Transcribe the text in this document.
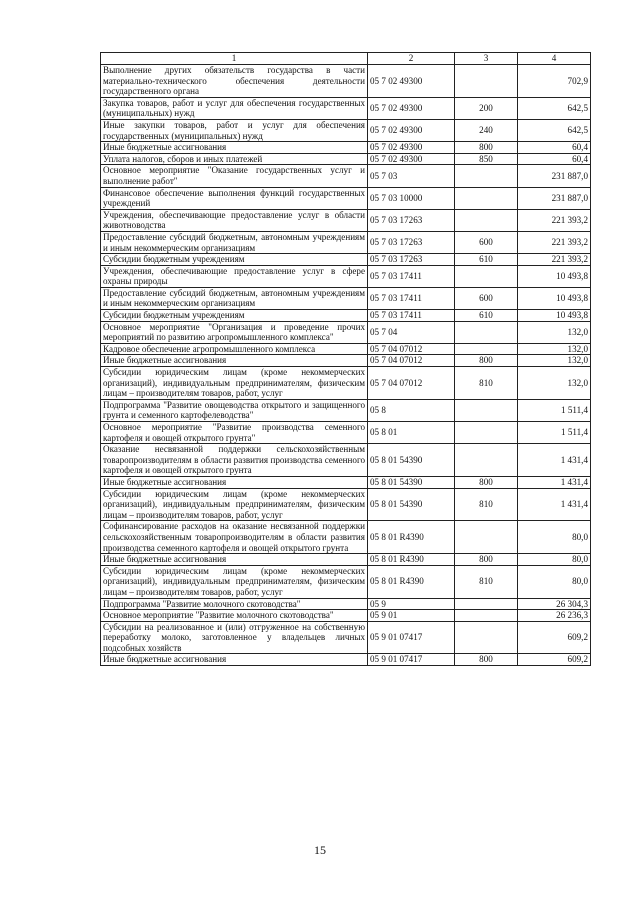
1	2	3	4
Выполнение других обязательств государства в части материально-технического обеспечения деятельности государственного органа	05 7 02 49300		702,9
Закупка товаров, работ и услуг для обеспечения государственных (муниципальных) нужд	05 7 02 49300	200	642,5
Иные закупки товаров, работ и услуг для обеспечения государственных (муниципальных) нужд	05 7 02 49300	240	642,5
Иные бюджетные ассигнования	05 7 02 49300	800	60,4
Уплата налогов, сборов и иных платежей	05 7 02 49300	850	60,4
Основное мероприятие "Оказание государственных услуг и выполнение работ"	05 7 03		231 887,0
Финансовое обеспечение выполнения функций государственных учреждений	05 7 03 10000		231 887,0
Учреждения, обеспечивающие предоставление услуг в области животноводства	05 7 03 17263		221 393,2
Предоставление субсидий бюджетным, автономным учреждениям и иным некоммерческим организациям	05 7 03 17263	600	221 393,2
Субсидии бюджетным учреждениям	05 7 03 17263	610	221 393,2
Учреждения, обеспечивающие предоставление услуг в сфере охраны природы	05 7 03 17411		10 493,8
Предоставление субсидий бюджетным, автономным учреждениям и иным некоммерческим организациям	05 7 03 17411	600	10 493,8
Субсидии бюджетным учреждениям	05 7 03 17411	610	10 493,8
Основное мероприятие "Организация и проведение прочих мероприятий по развитию агропромышленного комплекса"	05 7 04		132,0
Кадровое обеспечение агропромышленного комплекса	05 7 04 07012		132,0
Иные бюджетные ассигнования	05 7 04 07012	800	132,0
Субсидии юридическим лицам (кроме некоммерческих организаций), индивидуальным предпринимателям, физическим лицам – производителям товаров, работ, услуг	05 7 04 07012	810	132,0
Подпрограмма "Развитие овощеводства открытого и защищенного грунта и семенного картофелеводства"	05 8		1 511,4
Основное мероприятие "Развитие производства семенного картофеля и овощей открытого грунта"	05 8 01		1 511,4
Оказание несвязанной поддержки сельскохозяйственным товаропроизводителям в области развития производства семенного картофеля и овощей открытого грунта	05 8 01 54390		1 431,4
Иные бюджетные ассигнования	05 8 01 54390	800	1 431,4
Субсидии юридическим лицам (кроме некоммерческих организаций), индивидуальным предпринимателям, физическим лицам – производителям товаров, работ, услуг	05 8 01 54390	810	1 431,4
Софинансирование расходов на оказание несвязанной поддержки сельскохозяйственным товаропроизводителям в области развития производства семенного картофеля и овощей открытого грунта	05 8 01 R4390		80,0
Иные бюджетные ассигнования	05 8 01 R4390	800	80,0
Субсидии юридическим лицам (кроме некоммерческих организаций), индивидуальным предпринимателям, физическим лицам – производителям товаров, работ, услуг	05 8 01 R4390	810	80,0
Подпрограмма "Развитие молочного скотоводства"	05 9		26 304,3
Основное мероприятие "Развитие молочного скотоводства"	05 9 01		26 236,3
Субсидии на реализованное и (или) отгруженное на собственную переработку молоко, заготовленное у владельцев личных подсобных хозяйств	05 9 01 07417		609,2
Иные бюджетные ассигнования	05 9 01 07417	800	609,2
15
